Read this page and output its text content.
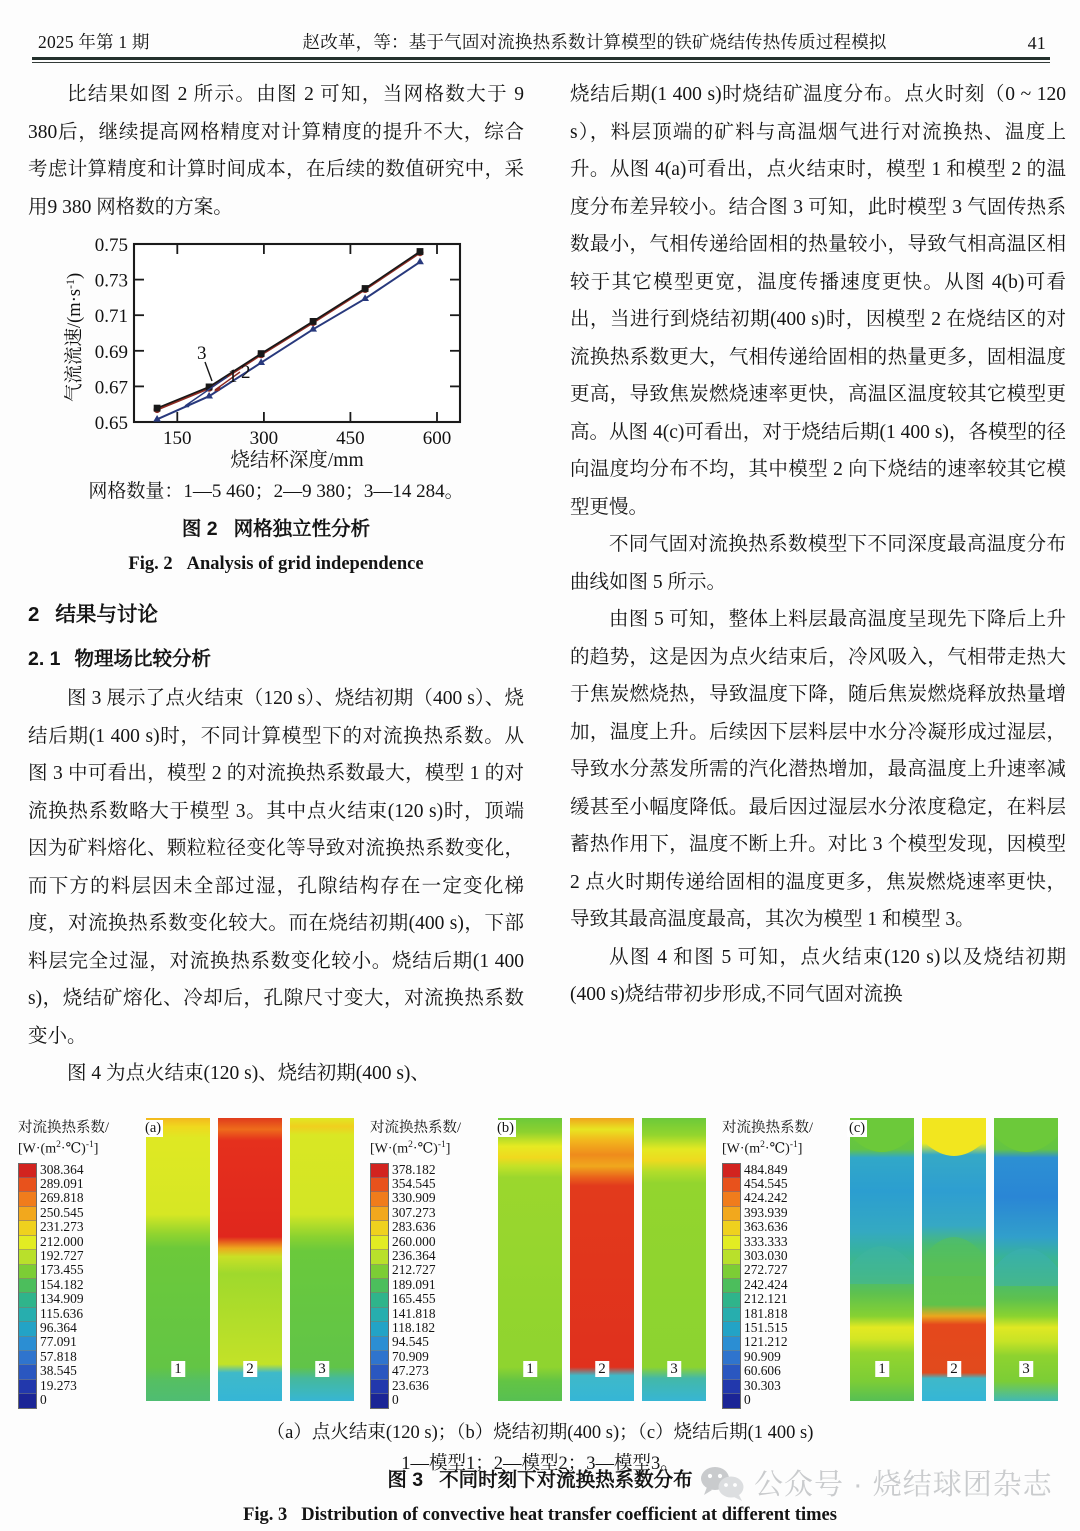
2025 年第 1 期	赵改革，等：基于气固对流换热系数计算模型的铁矿烧结传热传质过程模拟	41

比结果如图 2 所示。由图 2 可知，当网格数大于 9 380后，继续提高网格精度对计算精度的提升不大，综合考虑计算精度和计算时间成本，在后续的数值研究中，采用9 380 网格数的方案。

0.65
0.67
0.69
0.71
0.73
0.75
150	300	450	600
气流流速$/(m\cdot s^{-1})$
烧结杯深度/mm
1 2
3
网格数量：1—5 460；2—9 380；3—14 284。
图 2 网格独立性分析
Fig. 2 Analysis of grid independence
2 结果与讨论
2. 1 物理场比较分析

图 3 展示了点火结束（120 s）、烧结初期（400 s）、烧结后期(1 400 s)时，不同计算模型下的对流换热系数。从图 3 中可看出，模型 2 的对流换热系数最大，模型 1 的对流换热系数略大于模型 3。其中点火结束(120 s)时，顶端因为矿料熔化、颗粒粒径变化等导致对流换热系数变化，而下方的料层因未全部过湿，孔隙结构存在一定变化梯度，对流换热系数变化较大。而在烧结初期(400 s)，下部料层完全过湿，对流换热系数变化较小。烧结后期(1 400 s)，烧结矿熔化、冷却后，孔隙尺寸变大，对流换热系数变小。

图 4 为点火结束(120 s)、烧结初期(400 s)、

烧结后期(1 400 s)时烧结矿温度分布。点火时刻（0 ~ 120 s），料层顶端的矿料与高温烟气进行对流换热、温度上升。从图 4(a)可看出，点火结束时，模型 1 和模型 2 的温度分布差异较小。结合图 3 可知，此时模型 3 气固传热系数最小，气相传递给固相的热量较小，导致气相高温区相较于其它模型更宽，温度传播速度更快。从图 4(b)可看出，当进行到烧结初期(400 s)时，因模型 2 在烧结区的对流换热系数更大，气相传递给固相的热量更多，固相温度更高，导致焦炭燃烧速率更快，高温区温度较其它模型更高。从图 4(c)可看出，对于烧结后期(1 400 s)，各模型的径向温度均分布不均，其中模型 2 向下烧结的速率较其它模型更慢。

不同气固对流换热系数模型下不同深度最高温度分布曲线如图 5 所示。

由图 5 可知，整体上料层最高温度呈现先下降后上升的趋势，这是因为点火结束后，冷风吸入，气相带走热大于焦炭燃烧热，导致温度下降，随后焦炭燃烧释放热量增加，温度上升。后续因下层料层中水分冷凝形成过湿层，导致水分蒸发所需的汽化潜热增加，最高温度上升速率减缓甚至小幅度降低。最后因过湿层水分浓度稳定，在料层蓄热作用下，温度不断上升。对比 3 个模型发现，因模型 2 点火时期传递给固相的温度更多，焦炭燃烧速率更快，导致其最高温度最高，其次为模型 1 和模型 3。

从图 4 和图 5 可知，点火结束(120 s)以及烧结初期(400 s)烧结带初步形成,不同气固对流换

对流换热系数/
$[W\cdot(m^2\cdot℃)^{-1}]$
308.364
289.091
269.818
250.545
231.273
212.000
192.727
173.455
154.182
134.909
115.636
96.364
77.091
57.818
38.545
19.273
0
(a)
1	2	3
对流换热系数/
$[W\cdot(m^2\cdot℃)^{-1}]$
378.182
354.545
330.909
307.273
283.636
260.000
236.364
212.727
189.091
165.455
141.818
118.182
94.545
70.909
47.273
23.636
0
(b)
1	2	3
对流换热系数/
$[W\cdot(m^2\cdot℃)^{-1}]$
484.849
454.545
424.242
393.939
363.636
333.333
303.030
272.727
242.424
212.121
181.818
151.515
121.212
90.909
60.606
30.303
0
(c)
1	2	3
（a）点火结束(120 s)；（b）烧结初期(400 s)；（c）烧结后期(1 400 s)
1—模型1；2—模型2；3—模型3。
图 3 不同时刻下对流换热系数分布
Fig. 3 Distribution of convective heat transfer coefficient at different times
公众号 · 烧结球团杂志
